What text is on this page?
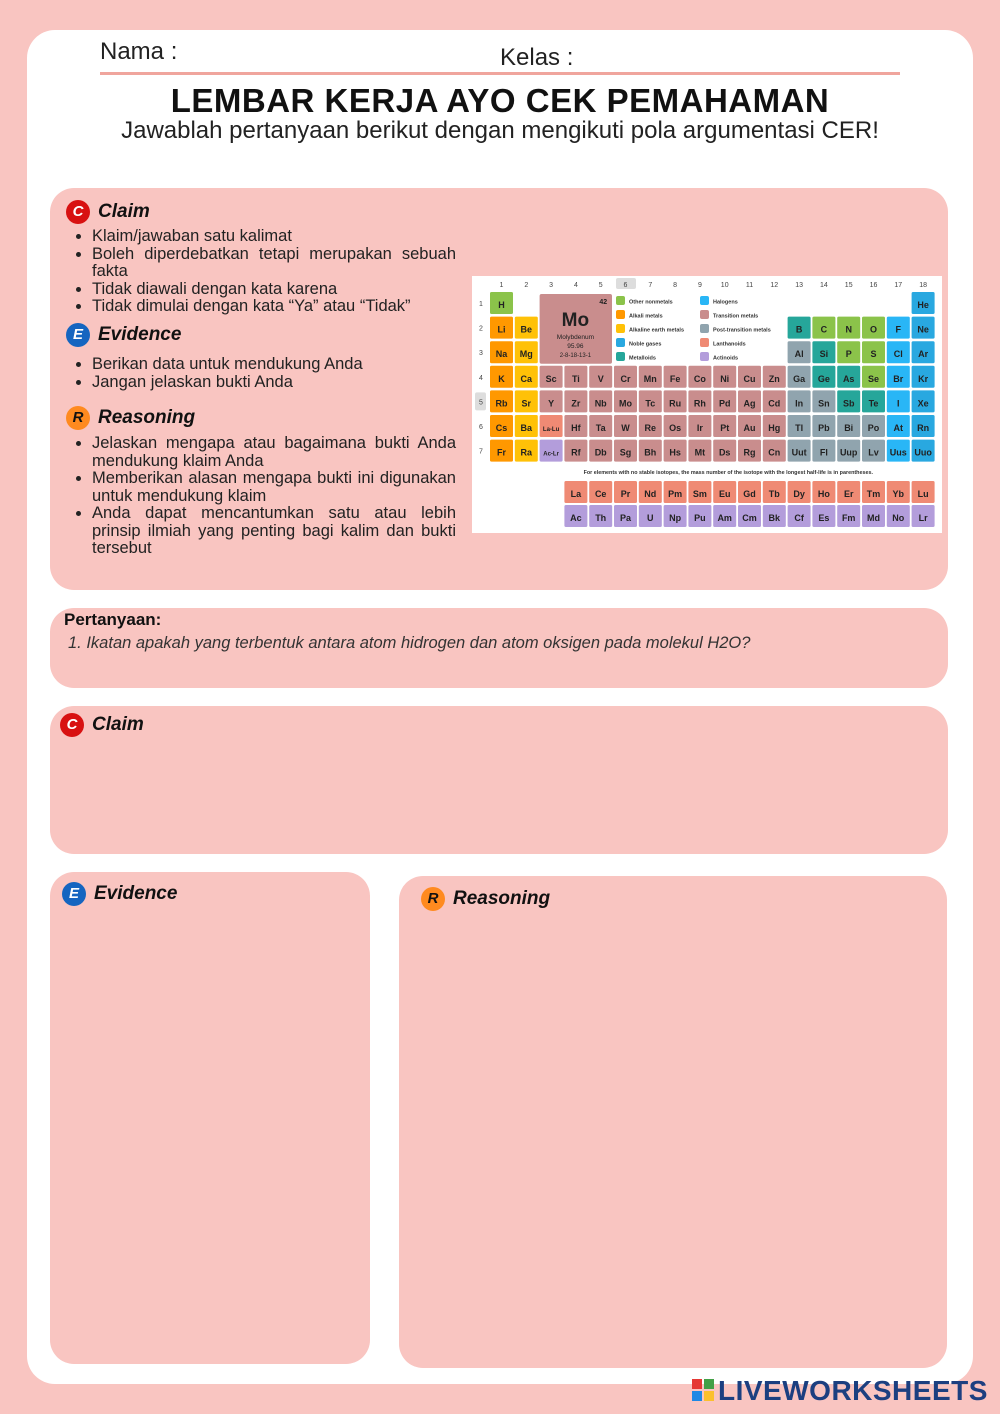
Nama :	Kelas :
LEMBAR KERJA AYO CEK PEMAHAMAN
Jawablah pertanyaan berikut dengan mengikuti pola argumentasi CER!
C Claim
• Klaim/jawaban satu kalimat
• Boleh diperdebatkan tetapi merupakan sebuah fakta
• Tidak diawali dengan kata karena
• Tidak dimulai dengan kata “Ya” atau “Tidak”
E Evidence
• Berikan data untuk mendukung Anda
• Jangan jelaskan bukti Anda
R Reasoning
• Jelaskan mengapa atau bagaimana bukti Anda mendukung klaim Anda
• Memberikan alasan mengapa bukti ini digunakan untuk mendukung klaim
• Anda dapat mencantumkan satu atau lebih prinsip ilmiah yang penting bagi kalim dan bukti tersebut
1	2	3	4	5	6	7	8	9	10 11 12 13 14 15 16 17 18
1
2
3
4
5
6
7
H	He
Li Be	B C N O F Ne
Na Mg	Al Si P S Cl Ar
K Ca Sc Ti V Cr Mn Fe Co Ni Cu Zn Ga Ge As Se Br Kr
Rb Sr Y Zr Nb Mo Tc Ru Rh Pd Ag Cd In Sn Sb Te I Xe
Cs Ba La-Lu Hf Ta W Re Os Ir Pt Au Hg Tl Pb Bi Po At Rn
Fr Ra Ac-Lr Rf Db Sg Bh Hs Mt Ds Rg Cn Uut Fl Uup Lv Uus Uuo
42
Mo
Molybdenum
95.96
2-8-18-13-1
Other nonmetals
Alkali metals
Alkaline earth metals
Noble gases
Metalloids
Halogens
Transition metals
Post-transition metals
Lanthanoids
Actinoids
For elements with no stable isotopes, the mass number of the isotope with the longest half-life is in parentheses.
La Ce Pr Nd Pm Sm Eu Gd Tb Dy Ho Er Tm Yb Lu
Ac Th Pa U Np Pu Am Cm Bk Cf Es Fm Md No Lr
Pertanyaan:
1. Ikatan apakah yang terbentuk antara atom hidrogen dan atom oksigen pada molekul H2O?
C Claim
E Evidence	R Reasoning
LIVEWORKSHEETS
